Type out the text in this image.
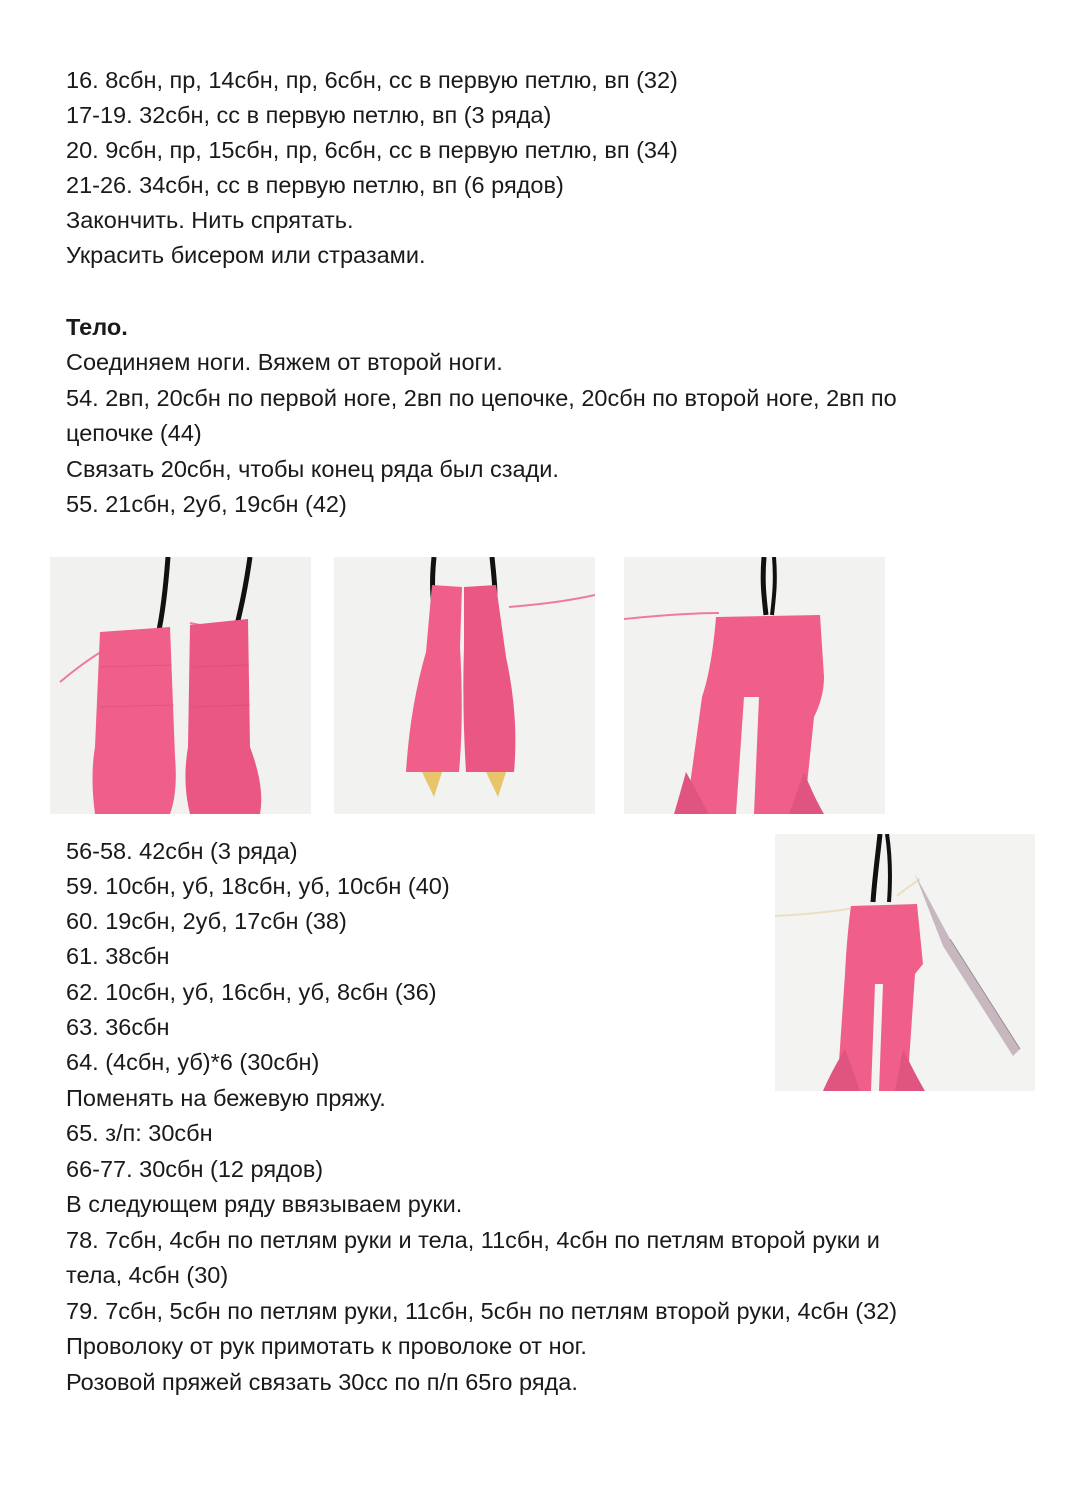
16. 8сбн, пр, 14сбн, пр, 6сбн, сс в первую петлю, вп (32)
17-19. 32сбн, сс в первую петлю, вп (3 ряда)
20. 9сбн, пр, 15сбн, пр, 6сбн, сс в первую петлю, вп (34)
21-26. 34сбн, сс в первую петлю, вп (6 рядов)
Закончить. Нить спрятать.
Украсить бисером или стразами.
Тело.
Соединяем ноги. Вяжем от второй ноги.
54. 2вп, 20сбн по первой ноге, 2вп по цепочке, 20сбн по второй ноге, 2вп по
цепочке (44)
Связать 20сбн, чтобы конец ряда был сзади.
55. 21сбн, 2уб, 19сбн (42)
56-58. 42сбн (3 ряда)
59. 10сбн, уб, 18сбн, уб, 10сбн (40)
60. 19сбн, 2уб, 17сбн (38)
61. 38сбн
62. 10сбн, уб, 16сбн, уб, 8сбн (36)
63. 36сбн
64. (4сбн, уб)*6 (30сбн)
Поменять на бежевую пряжу.
65. з/п: 30сбн
66-77. 30сбн (12 рядов)
В следующем ряду ввязываем руки.
78. 7сбн, 4сбн по петлям руки и тела, 11сбн, 4сбн по петлям второй руки и
тела, 4сбн (30)
79. 7сбн, 5сбн по петлям руки, 11сбн, 5сбн по петлям второй руки, 4сбн (32)
Проволоку от рук примотать к проволоке от ног.
Розовой пряжей связать 30сс по п/п 65го ряда.
